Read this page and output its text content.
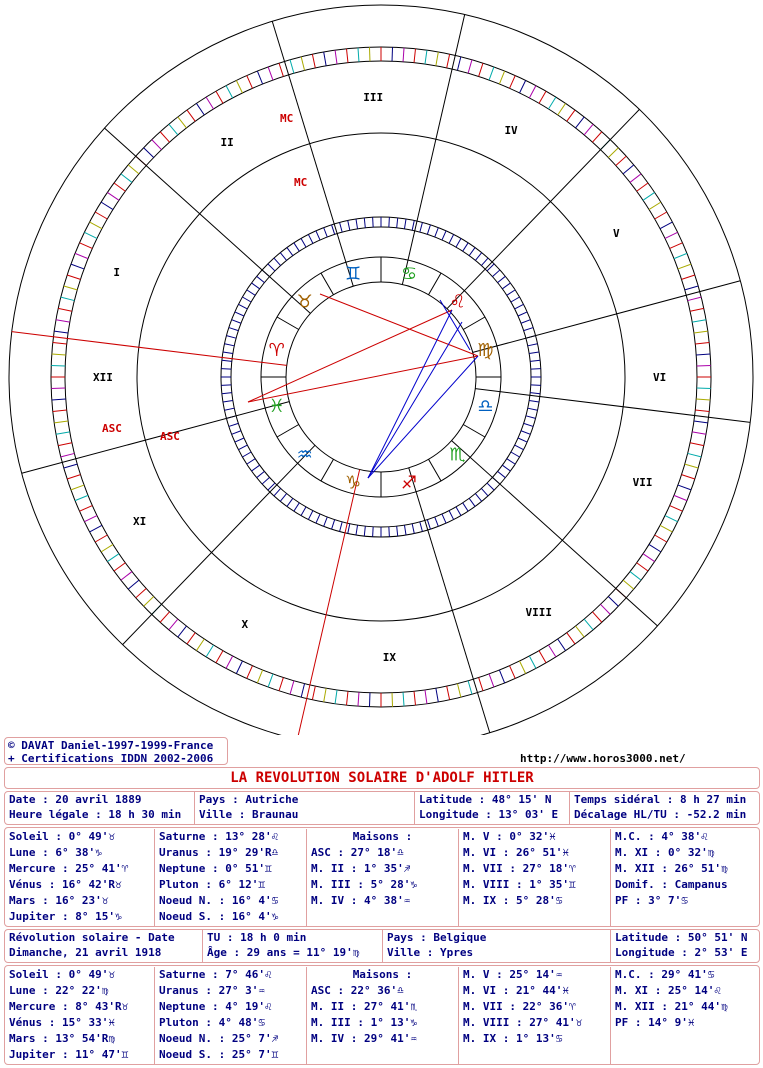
I
II
III
IV
V
VI
VII
VIII
IX
X
XI
XII
♈
♉
♊ ♋
♌
♍
♎
♏
♐
♑
♒
♓
ASC
ASC
MC
MC
© DAVAT Daniel-1997-1999-France
+ Certifications IDDN 2002-2006	http://www.horos3000.net/
LA REVOLUTION SOLAIRE D'ADOLF HITLER
Date : 20 avril 1889
Heure légale : 18 h 30 min
Pays : Autriche
Ville : Braunau
Latitude : 48° 15' N
Longitude : 13° 03' E
Temps sidéral : 8 h 27 min
Décalage HL/TU : -52.2 min
Soleil : 0° 49'♉
Lune : 6° 38'♑
Mercure : 25° 41'♈
Vénus : 16° 42'R♉
Mars : 16° 23'♉
Jupiter : 8° 15'♑
Saturne : 13° 28'♌
Uranus : 19° 29'R♎
Neptune : 0° 51'♊
Pluton : 6° 12'♊
Noeud N. : 16° 4'♋
Noeud S. : 16° 4'♑
Maisons :
ASC : 27° 18'♎
M. II : 1° 35'♐
M. III : 5° 28'♑
M. IV : 4° 38'♒
M. V : 0° 32'♓
M. VI : 26° 51'♓
M. VII : 27° 18'♈
M. VIII : 1° 35'♊
M. IX : 5° 28'♋
M.C. : 4° 38'♌
M. XI : 0° 32'♍
M. XII : 26° 51'♍
Domif. : Campanus
PF : 3° 7'♋
Révolution solaire - Date
Dimanche, 21 avril 1918
TU : 18 h 0 min
Âge : 29 ans = 11° 19'♍
Pays : Belgique
Ville : Ypres
Latitude : 50° 51' N
Longitude : 2° 53' E
Soleil : 0° 49'♉
Lune : 22° 22'♍
Mercure : 8° 43'R♉
Vénus : 15° 33'♓
Mars : 13° 54'R♍
Jupiter : 11° 47'♊
Saturne : 7° 46'♌
Uranus : 27° 3'♒
Neptune : 4° 19'♌
Pluton : 4° 48'♋
Noeud N. : 25° 7'♐
Noeud S. : 25° 7'♊
Maisons :
ASC : 22° 36'♎
M. II : 27° 41'♏
M. III : 1° 13'♑
M. IV : 29° 41'♒
M. V : 25° 14'♒
M. VI : 21° 44'♓
M. VII : 22° 36'♈
M. VIII : 27° 41'♉
M. IX : 1° 13'♋
M.C. : 29° 41'♋
M. XI : 25° 14'♌
M. XII : 21° 44'♍
PF : 14° 9'♓
